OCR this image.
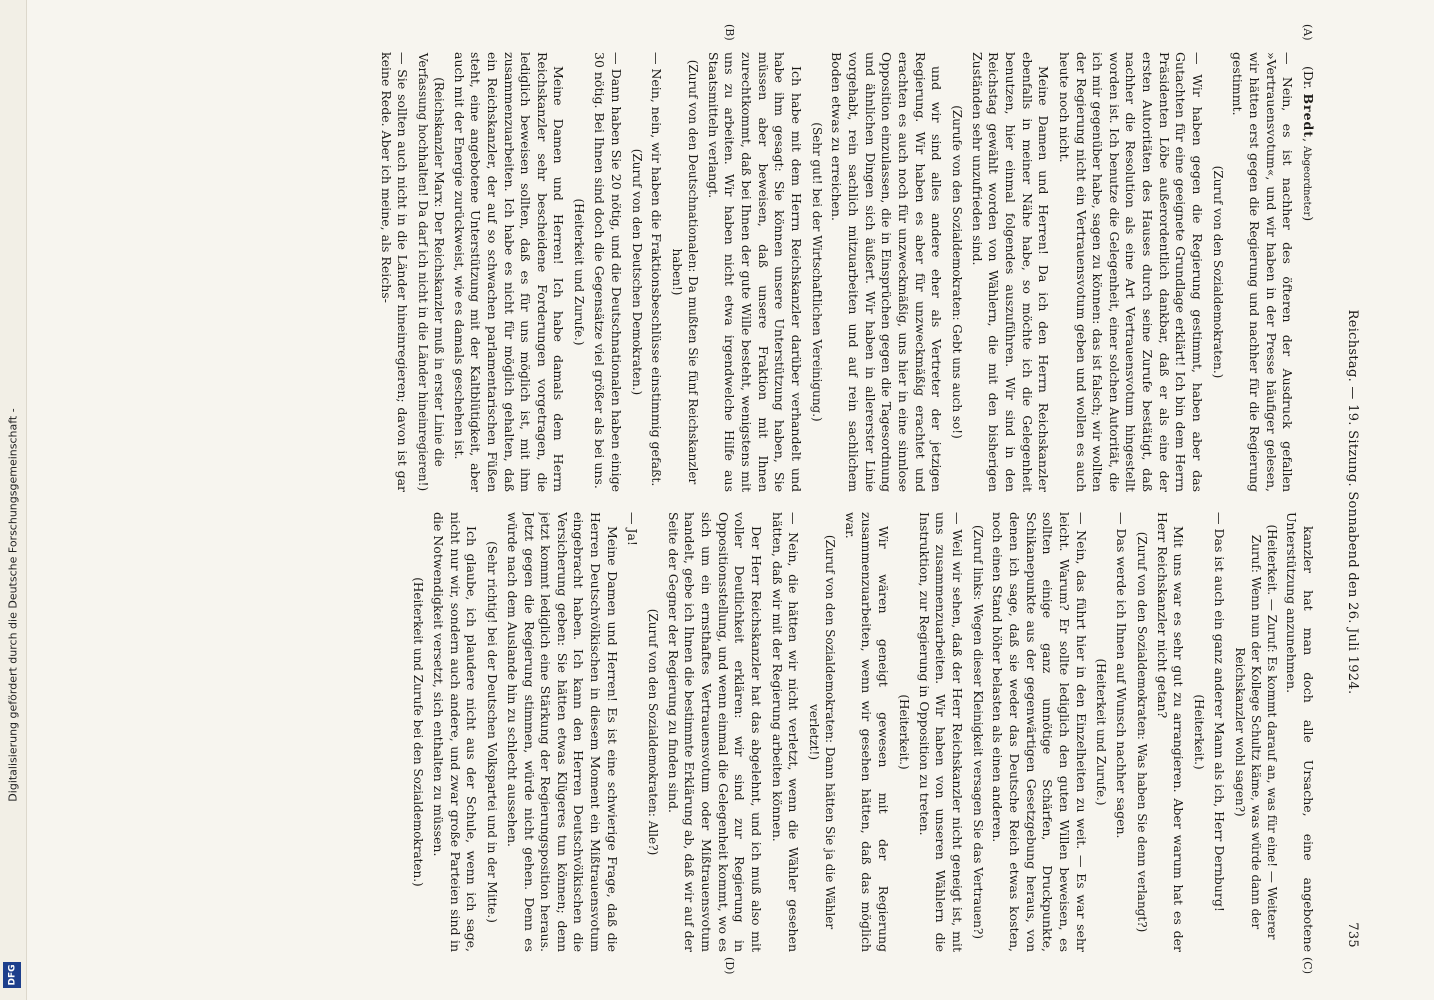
Digitalisierung gefördert durch die Deutsche Forschungsgemeinschaft -
DFG
Reichstag. — 19. Sitzung. Sonnabend den 26. Juli 1924.
735
(A)
(B)
(C)
(D)

(Dr. Bredt, Abgeordneter)

— Nein, es ist nachher des öfteren der Ausdruck gefallen »Vertrauensvotum«, und wir haben in der Presse häufiger gelesen, wir hätten erst gegen die Regierung und nachher für die Regierung gestimmt.

(Zuruf von den Sozialdemokraten.)

— Wir haben gegen die Regierung gestimmt, haben aber das Gutachten für eine geeignete Grundlage erklärt! Ich bin dem Herrn Präsidenten Löbe außerordentlich dankbar, daß er als eine der ersten Autoritäten des Hauses durch seine Zurufe bestätigt, daß nachher die Resolution als eine Art Vertrauensvotum hingestellt worden ist. Ich benutze die Gelegenheit, einer solchen Autorität, die ich mir gegenüber habe, sagen zu können: das ist falsch; wir wollten der Regierung nicht ein Vertrauensvotum geben und wollen es auch heute noch nicht.

Meine Damen und Herren! Da ich den Herrn Reichskanzler ebenfalls in meiner Nähe habe, so möchte ich die Gelegenheit benutzen, hier einmal folgendes auszuführen. Wir sind in den Reichstag gewählt worden von Wählern, die mit den bisherigen Zuständen sehr unzufrieden sind.

(Zurufe von den Sozialdemokraten: Gebt uns auch so!)

und wir sind alles andere eher als Vertreter der jetzigen Regierung. Wir haben es aber für unzweckmäßig erachtet und erachten es auch noch für unzweckmäßig, uns hier in eine sinnlose Opposition einzulassen, die in Einsprüchen gegen die Tagesordnung und ähnlichen Dingen sich äußert. Wir haben in allererster Linie vorgehabt, rein sachlich mitzuarbeiten und auf rein sachlichem Boden etwas zu erreichen.

(Sehr gut! bei der Wirtschaftlichen Vereinigung.)

Ich habe mit dem Herrn Reichskanzler darüber verhandelt und habe ihm gesagt: Sie können unsere Unterstützung haben, Sie müssen aber beweisen, daß unsere Fraktion mit Ihnen zurechtkommt, daß bei Ihnen der gute Wille besteht, wenigstens mit uns zu arbeiten. Wir haben nicht etwa irgendwelche Hilfe aus Staatsmitteln verlangt.

(Zuruf von den Deutschnationalen: Da mußten Sie fünf Reichskanzler haben!)

— Nein, nein, wir haben die Fraktionsbeschlüsse einstimmig gefaßt.

(Zuruf von den Deutschen Demokraten.)

— Dann haben Sie 20 nötig, und die Deutschnationalen haben einige 30 nötig. Bei Ihnen sind doch die Gegensätze viel größer als bei uns.

(Heiterkeit und Zurufe.)

Meine Damen und Herren! Ich habe damals dem Herrn Reichskanzler sehr bescheidene Forderungen vorgetragen, die lediglich beweisen sollten, daß es für uns möglich ist, mit ihm zusammenzuarbeiten. Ich habe es nicht für möglich gehalten, daß ein Reichskanzler, der auf so schwachen parlamentarischen Füßen steht, eine angebotene Unterstützung mit der Kaltblütigkeit, aber auch mit der Energie zurückweist, wie es damals geschehen ist.

(Reichskanzler Marx: Der Reichskanzler muß in erster Linie die Verfassung hochhalten! Da darf ich nicht in die Länder hineinregieren!)

— Sie sollten auch nicht in die Länder hineinregieren; davon ist gar keine Rede. Aber ich meine, als Reichs-

kanzler hat man doch alle Ursache, eine angebotene Unterstützung anzunehmen.

(Heiterkeit. — Zuruf: Es kommt darauf an, was für eine! — Weiterer Zuruf: Wenn nun der Kollege Schultz käme, was würde dann der Reichskanzler wohl sagen?)

— Das ist auch ein ganz anderer Mann als ich, Herr Dernburg!

(Heiterkeit.)

Mit uns war es sehr gut zu arrangieren. Aber warum hat es der Herr Reichskanzler nicht getan?

(Zuruf von den Sozialdemokraten: Was haben Sie denn verlangt?)

— Das werde ich Ihnen auf Wunsch nachher sagen.

(Heiterkeit und Zurufe.)

— Nein, das führt hier in den Einzelheiten zu weit. — Es war sehr leicht. Warum? Er sollte lediglich den guten Willen beweisen, es sollten einige ganz unnötige Schärfen, Druckpunkte, Schikanepunkte aus der gegenwärtigen Gesetzgebung heraus, von denen ich sage, daß sie weder das Deutsche Reich etwas kosten, noch einen Stand höher belasten als einen anderen.

(Zuruf links: Wegen dieser Kleinigkeit versagen Sie das Vertrauen?)

— Weil wir sehen, daß der Herr Reichskanzler nicht geneigt ist, mit uns zusammenzuarbeiten. Wir haben von unseren Wählern die Instruktion, zur Regierung in Opposition zu treten.

(Heiterkeit.)

Wir wären geneigt gewesen mit der Regierung zusammenzuarbeiten, wenn wir gesehen hätten, daß das möglich war.

(Zuruf von den Sozialdemokraten: Dann hätten Sie ja die Wähler verletzt!)

— Nein, die hätten wir nicht verletzt, wenn die Wähler gesehen hätten, daß wir mit der Regierung arbeiten können.

Der Herr Reichskanzler hat das abgelehnt, und ich muß also mit voller Deutlichkeit erklären: wir sind zur Regierung in Oppositionsstellung, und wenn einmal die Gelegenheit kommt, wo es sich um ein ernsthaftes Vertrauensvotum oder Mißtrauensvotum handelt, gebe ich Ihnen die bestimmte Erklärung ab, daß wir auf der Seite der Gegner der Regierung zu finden sind.

(Zuruf von den Sozialdemokraten: Alle?)

— Ja!

Meine Damen und Herren! Es ist eine schwierige Frage, daß die Herren Deutschvölkischen in diesem Moment ein Mißtrauensvotum eingebracht haben. Ich kann den Herren Deutschvölkischen die Versicherung geben: Sie hätten etwas Klügeres tun können; denn jetzt kommt lediglich eine Stärkung der Regierungsposition heraus. Jetzt gegen die Regierung stimmen, würde nicht gehen. Denn es würde nach dem Auslande hin zu schlecht aussehen.

(Sehr richtig! bei der Deutschen Volkspartei und in der Mitte.)

Ich glaube, ich plaudere nicht aus der Schule, wenn ich sage, nicht nur wir, sondern auch andere, und zwar große Parteien sind in die Notwendigkeit versetzt, sich enthalten zu müssen.

(Heiterkeit und Zurufe bei den Sozialdemokraten.)
